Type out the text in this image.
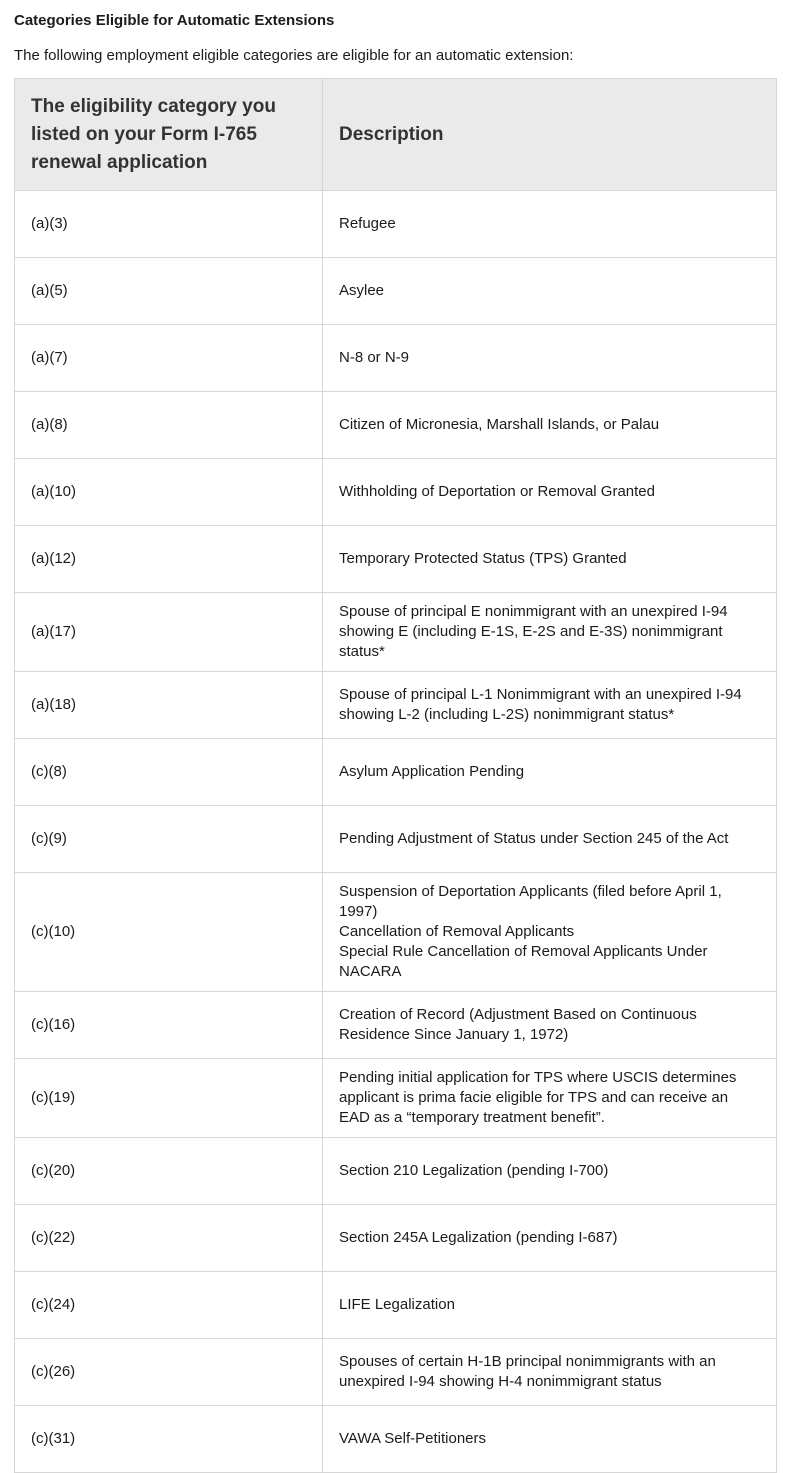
Categories Eligible for Automatic Extensions

The following employment eligible categories are eligible for an automatic extension:

The eligibility category you listed on your Form I-765 renewal application	Description
(a)(3)	Refugee

(a)(5)	Asylee

(a)(7)	N-8 or N-9

(a)(8)	Citizen of Micronesia, Marshall Islands, or Palau

(a)(10)	Withholding of Deportation or Removal Granted

(a)(12)	Temporary Protected Status (TPS) Granted

(a)(17)	Spouse of principal E nonimmigrant with an unexpired I-94 showing E (including E-1S, E-2S and E-3S) nonimmigrant status*

(a)(18)	Spouse of principal L-1 Nonimmigrant with an unexpired I-94 showing L-2 (including L-2S) nonimmigrant status*

(c)(8)	Asylum Application Pending

(c)(9)	Pending Adjustment of Status under Section 245 of the Act

(c)(10)	Suspension of Deportation Applicants (filed before April 1, 1997)
Cancellation of Removal Applicants
Special Rule Cancellation of Removal Applicants Under NACARA

(c)(16)	Creation of Record (Adjustment Based on Continuous Residence Since January 1, 1972)

(c)(19)	Pending initial application for TPS where USCIS determines applicant is prima facie eligible for TPS and can receive an EAD as a “temporary treatment benefit”.

(c)(20)	Section 210 Legalization (pending I-700)

(c)(22)	Section 245A Legalization (pending I-687)

(c)(24)	LIFE Legalization

(c)(26)	Spouses of certain H-1B principal nonimmigrants with an unexpired I-94 showing H-4 nonimmigrant status

(c)(31)	VAWA Self-Petitioners
